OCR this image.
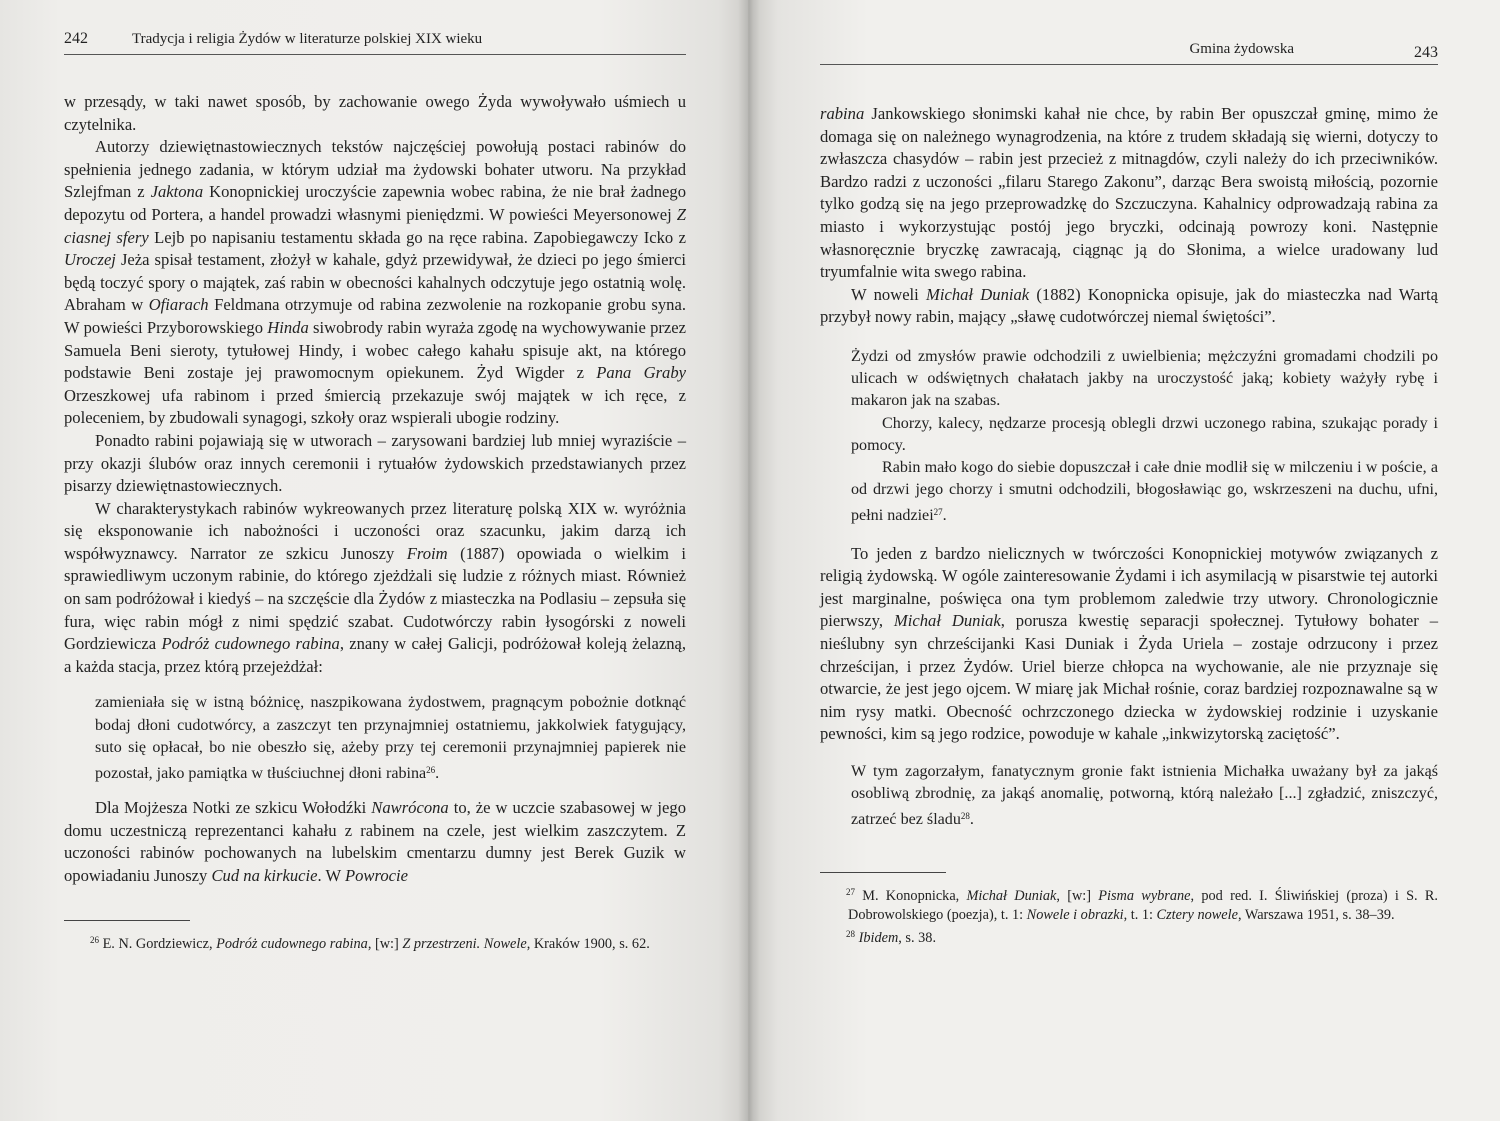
242	Tradycja i religia Żydów w literaturze polskiej XIX wieku

w przesądy, w taki nawet sposób, by zachowanie owego Żyda wywoływało uśmiech u czytelnika.

Autorzy dziewiętnastowiecznych tekstów najczęściej powołują postaci rabinów do spełnienia jednego zadania, w którym udział ma żydowski bohater utworu. Na przykład Szlejfman z Jaktona Konopnickiej uroczyście zapewnia wobec rabina, że nie brał żadnego depozytu od Portera, a handel prowadzi własnymi pieniędzmi. W powieści Meyersonowej Z ciasnej sfery Lejb po napisaniu testamentu składa go na ręce rabina. Zapobiegawczy Icko z Uroczej Jeża spisał testament, złożył w kahale, gdyż przewidywał, że dzieci po jego śmierci będą toczyć spory o majątek, zaś rabin w obecności kahalnych odczytuje jego ostatnią wolę. Abraham w Ofiarach Feldmana otrzymuje od rabina zezwolenie na rozkopanie grobu syna. W powieści Przyborowskiego Hinda siwobrody rabin wyraża zgodę na wychowywanie przez Samuela Beni sieroty, tytułowej Hindy, i wobec całego kahału spisuje akt, na którego podstawie Beni zostaje jej prawomocnym opiekunem. Żyd Wigder z Pana Graby Orzeszkowej ufa rabinom i przed śmiercią przekazuje swój majątek w ich ręce, z poleceniem, by zbudowali synagogi, szkoły oraz wspierali ubogie rodziny.

Ponadto rabini pojawiają się w utworach – zarysowani bardziej lub mniej wyraziście – przy okazji ślubów oraz innych ceremonii i rytuałów żydowskich przedstawianych przez pisarzy dziewiętnastowiecznych.

W charakterystykach rabinów wykreowanych przez literaturę polską XIX w. wyróżnia się eksponowanie ich nabożności i uczoności oraz szacunku, jakim darzą ich współwyznawcy. Narrator ze szkicu Junoszy Froim (1887) opowiada o wielkim i sprawiedliwym uczonym rabinie, do którego zjeżdżali się ludzie z różnych miast. Również on sam podróżował i kiedyś – na szczęście dla Żydów z miasteczka na Podlasiu – zepsuła się fura, więc rabin mógł z nimi spędzić szabat. Cudotwórczy rabin łysogórski z noweli Gordziewicza Podróż cudownego rabina, znany w całej Galicji, podróżował koleją żelazną, a każda stacja, przez którą przejeżdżał:

zamieniała się w istną bóżnicę, naszpikowana żydostwem, pragnącym pobożnie dotknąć bodaj dłoni cudotwórcy, a zaszczyt ten przynajmniej ostatniemu, jakkolwiek fatygujący, suto się opłacał, bo nie obeszło się, ażeby przy tej ceremonii przynajmniej papierek nie pozostał, jako pamiątka w tłuściuchnej dłoni rabina$^{26}$.

Dla Mojżesza Notki ze szkicu Wołodźki Nawrócona to, że w uczcie szabasowej w jego domu uczestniczą reprezentanci kahału z rabinem na czele, jest wielkim zaszczytem. Z uczoności rabinów pochowanych na lubelskim cmentarzu dumny jest Berek Guzik w opowiadaniu Junoszy Cud na kirkucie. W Powrocie

$^{26}$ E. N. Gordziewicz, Podróż cudownego rabina, [w:] Z przestrzeni. Nowele, Kraków 1900, s. 62.
Gmina żydowska	243

rabina Jankowskiego słonimski kahał nie chce, by rabin Ber opuszczał gminę, mimo że domaga się on należnego wynagrodzenia, na które z trudem składają się wierni, dotyczy to zwłaszcza chasydów – rabin jest przecież z mitnagdów, czyli należy do ich przeciwników. Bardzo radzi z uczoności „filaru Starego Zakonu”, darząc Bera swoistą miłością, pozornie tylko godzą się na jego przeprowadzkę do Szczuczyna. Kahalnicy odprowadzają rabina za miasto i wykorzystując postój jego bryczki, odcinają powrozy koni. Następnie własnoręcznie bryczkę zawracają, ciągnąc ją do Słonima, a wielce uradowany lud tryumfalnie wita swego rabina.

W noweli Michał Duniak (1882) Konopnicka opisuje, jak do miasteczka nad Wartą przybył nowy rabin, mający „sławę cudotwórczej niemal świętości”.

Żydzi od zmysłów prawie odchodzili z uwielbienia; mężczyźni gromadami chodzili po ulicach w odświętnych chałatach jakby na uroczystość jaką; kobiety ważyły rybę i makaron jak na szabas.

Chorzy, kalecy, nędzarze procesją oblegli drzwi uczonego rabina, szukając porady i pomocy.

Rabin mało kogo do siebie dopuszczał i całe dnie modlił się w milczeniu i w poście, a od drzwi jego chorzy i smutni odchodzili, błogosławiąc go, wskrzeszeni na duchu, ufni, pełni nadziei$^{27}$.

To jeden z bardzo nielicznych w twórczości Konopnickiej motywów związanych z religią żydowską. W ogóle zainteresowanie Żydami i ich asymilacją w pisarstwie tej autorki jest marginalne, poświęca ona tym problemom zaledwie trzy utwory. Chronologicznie pierwszy, Michał Duniak, porusza kwestię separacji społecznej. Tytułowy bohater – nieślubny syn chrześcijanki Kasi Duniak i Żyda Uriela – zostaje odrzucony i przez chrześcijan, i przez Żydów. Uriel bierze chłopca na wychowanie, ale nie przyznaje się otwarcie, że jest jego ojcem. W miarę jak Michał rośnie, coraz bardziej rozpoznawalne są w nim rysy matki. Obecność ochrzczonego dziecka w żydowskiej rodzinie i uzyskanie pewności, kim są jego rodzice, powoduje w kahale „inkwizytorską zaciętość”.

W tym zagorzałym, fanatycznym gronie fakt istnienia Michałka uważany był za jakąś osobliwą zbrodnię, za jakąś anomalię, potworną, którą należało [...] zgładzić, zniszczyć, zatrzeć bez śladu$^{28}$.

$^{27}$ M. Konopnicka, Michał Duniak, [w:] Pisma wybrane, pod red. I. Śliwińskiej (proza) i S. R. Dobrowolskiego (poezja), t. 1: Nowele i obrazki, t. 1: Cztery nowele, Warszawa 1951, s. 38–39.
$^{28}$ Ibidem, s. 38.
